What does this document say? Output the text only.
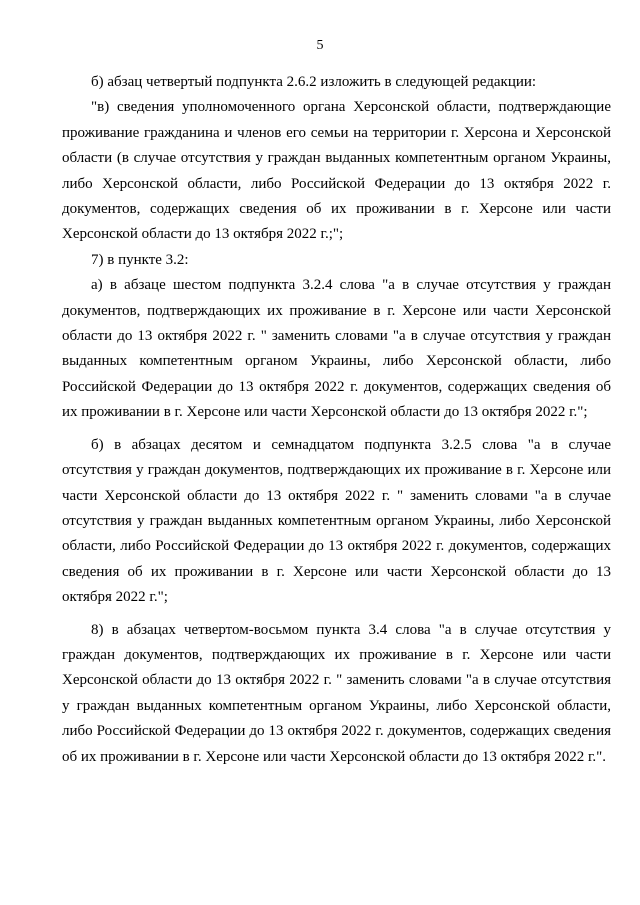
5

б) абзац четвертый подпункта 2.6.2 изложить в следующей редакции:

"в) сведения уполномоченного органа Херсонской области, подтверждающие проживание гражданина и членов его семьи на территории г. Херсона и Херсонской области (в случае отсутствия у граждан выданных компетентным органом Украины, либо Херсонской области, либо Российской Федерации до 13 октября 2022 г. документов, содержащих сведения об их проживании в г. Херсоне или части Херсонской области до 13 октября 2022 г.;";

7) в пункте 3.2:

а) в абзаце шестом подпункта 3.2.4 слова "а в случае отсутствия у граждан документов, подтверждающих их проживание в г. Херсоне или части Херсонской области до 13 октября 2022 г. " заменить словами "а в случае отсутствия у граждан выданных компетентным органом Украины, либо Херсонской области, либо Российской Федерации до 13 октября 2022 г. документов, содержащих сведения об их проживании в г. Херсоне или части Херсонской области до 13 октября 2022 г.";

б) в абзацах десятом и семнадцатом подпункта 3.2.5 слова "а в случае отсутствия у граждан документов, подтверждающих их проживание в г. Херсоне или части Херсонской области до 13 октября 2022 г. " заменить словами "а в случае отсутствия у граждан выданных компетентным органом Украины, либо Херсонской области, либо Российской Федерации до 13 октября 2022 г. документов, содержащих сведения об их проживании в г. Херсоне или части Херсонской области до 13 октября 2022 г.";

8) в абзацах четвертом-восьмом пункта 3.4 слова "а в случае отсутствия у граждан документов, подтверждающих их проживание в г. Херсоне или части Херсонской области до 13 октября 2022 г. " заменить словами "а в случае отсутствия у граждан выданных компетентным органом Украины, либо Херсонской области, либо Российской Федерации до 13 октября 2022 г. документов, содержащих сведения об их проживании в г. Херсоне или части Херсонской области до 13 октября 2022 г.".
